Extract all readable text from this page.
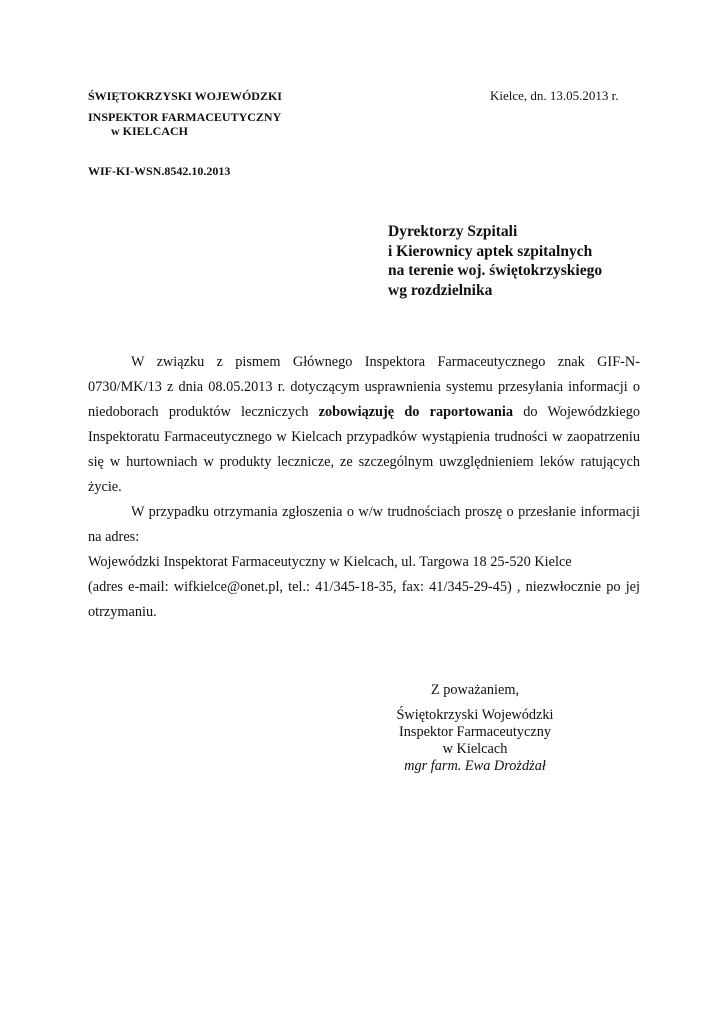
ŚWIĘTOKRZYSKI WOJEWÓDZKI
INSPEKTOR FARMACEUTYCZNY
w KIELCACH
WIF-KI-WSN.8542.10.2013
Kielce, dn. 13.05.2013 r.
Dyrektorzy Szpitali
i Kierownicy aptek szpitalnych
na terenie woj. świętokrzyskiego
wg rozdzielnika

W związku z pismem Głównego Inspektora Farmaceutycznego znak GIF-N-0730/MK/13 z dnia 08.05.2013 r. dotyczącym usprawnienia systemu przesyłania informacji o niedoborach produktów leczniczych zobowiązuję do raportowania do Wojewódzkiego Inspektoratu Farmaceutycznego w Kielcach przypadków wystąpienia trudności w zaopatrzeniu się w hurtowniach w produkty lecznicze, ze szczególnym uwzględnieniem leków ratujących życie.

W przypadku otrzymania zgłoszenia o w/w trudnościach proszę o przesłanie informacji na adres:

Wojewódzki Inspektorat Farmaceutyczny w Kielcach, ul. Targowa 18 25-520 Kielce

(adres e-mail: wifkielce@onet.pl, tel.: 41/345-18-35, fax: 41/345-29-45) , niezwłocznie po jej otrzymaniu.

Z poważaniem,
Świętokrzyski Wojewódzki
Inspektor Farmaceutyczny
w Kielcach
mgr farm. Ewa Drożdżał
